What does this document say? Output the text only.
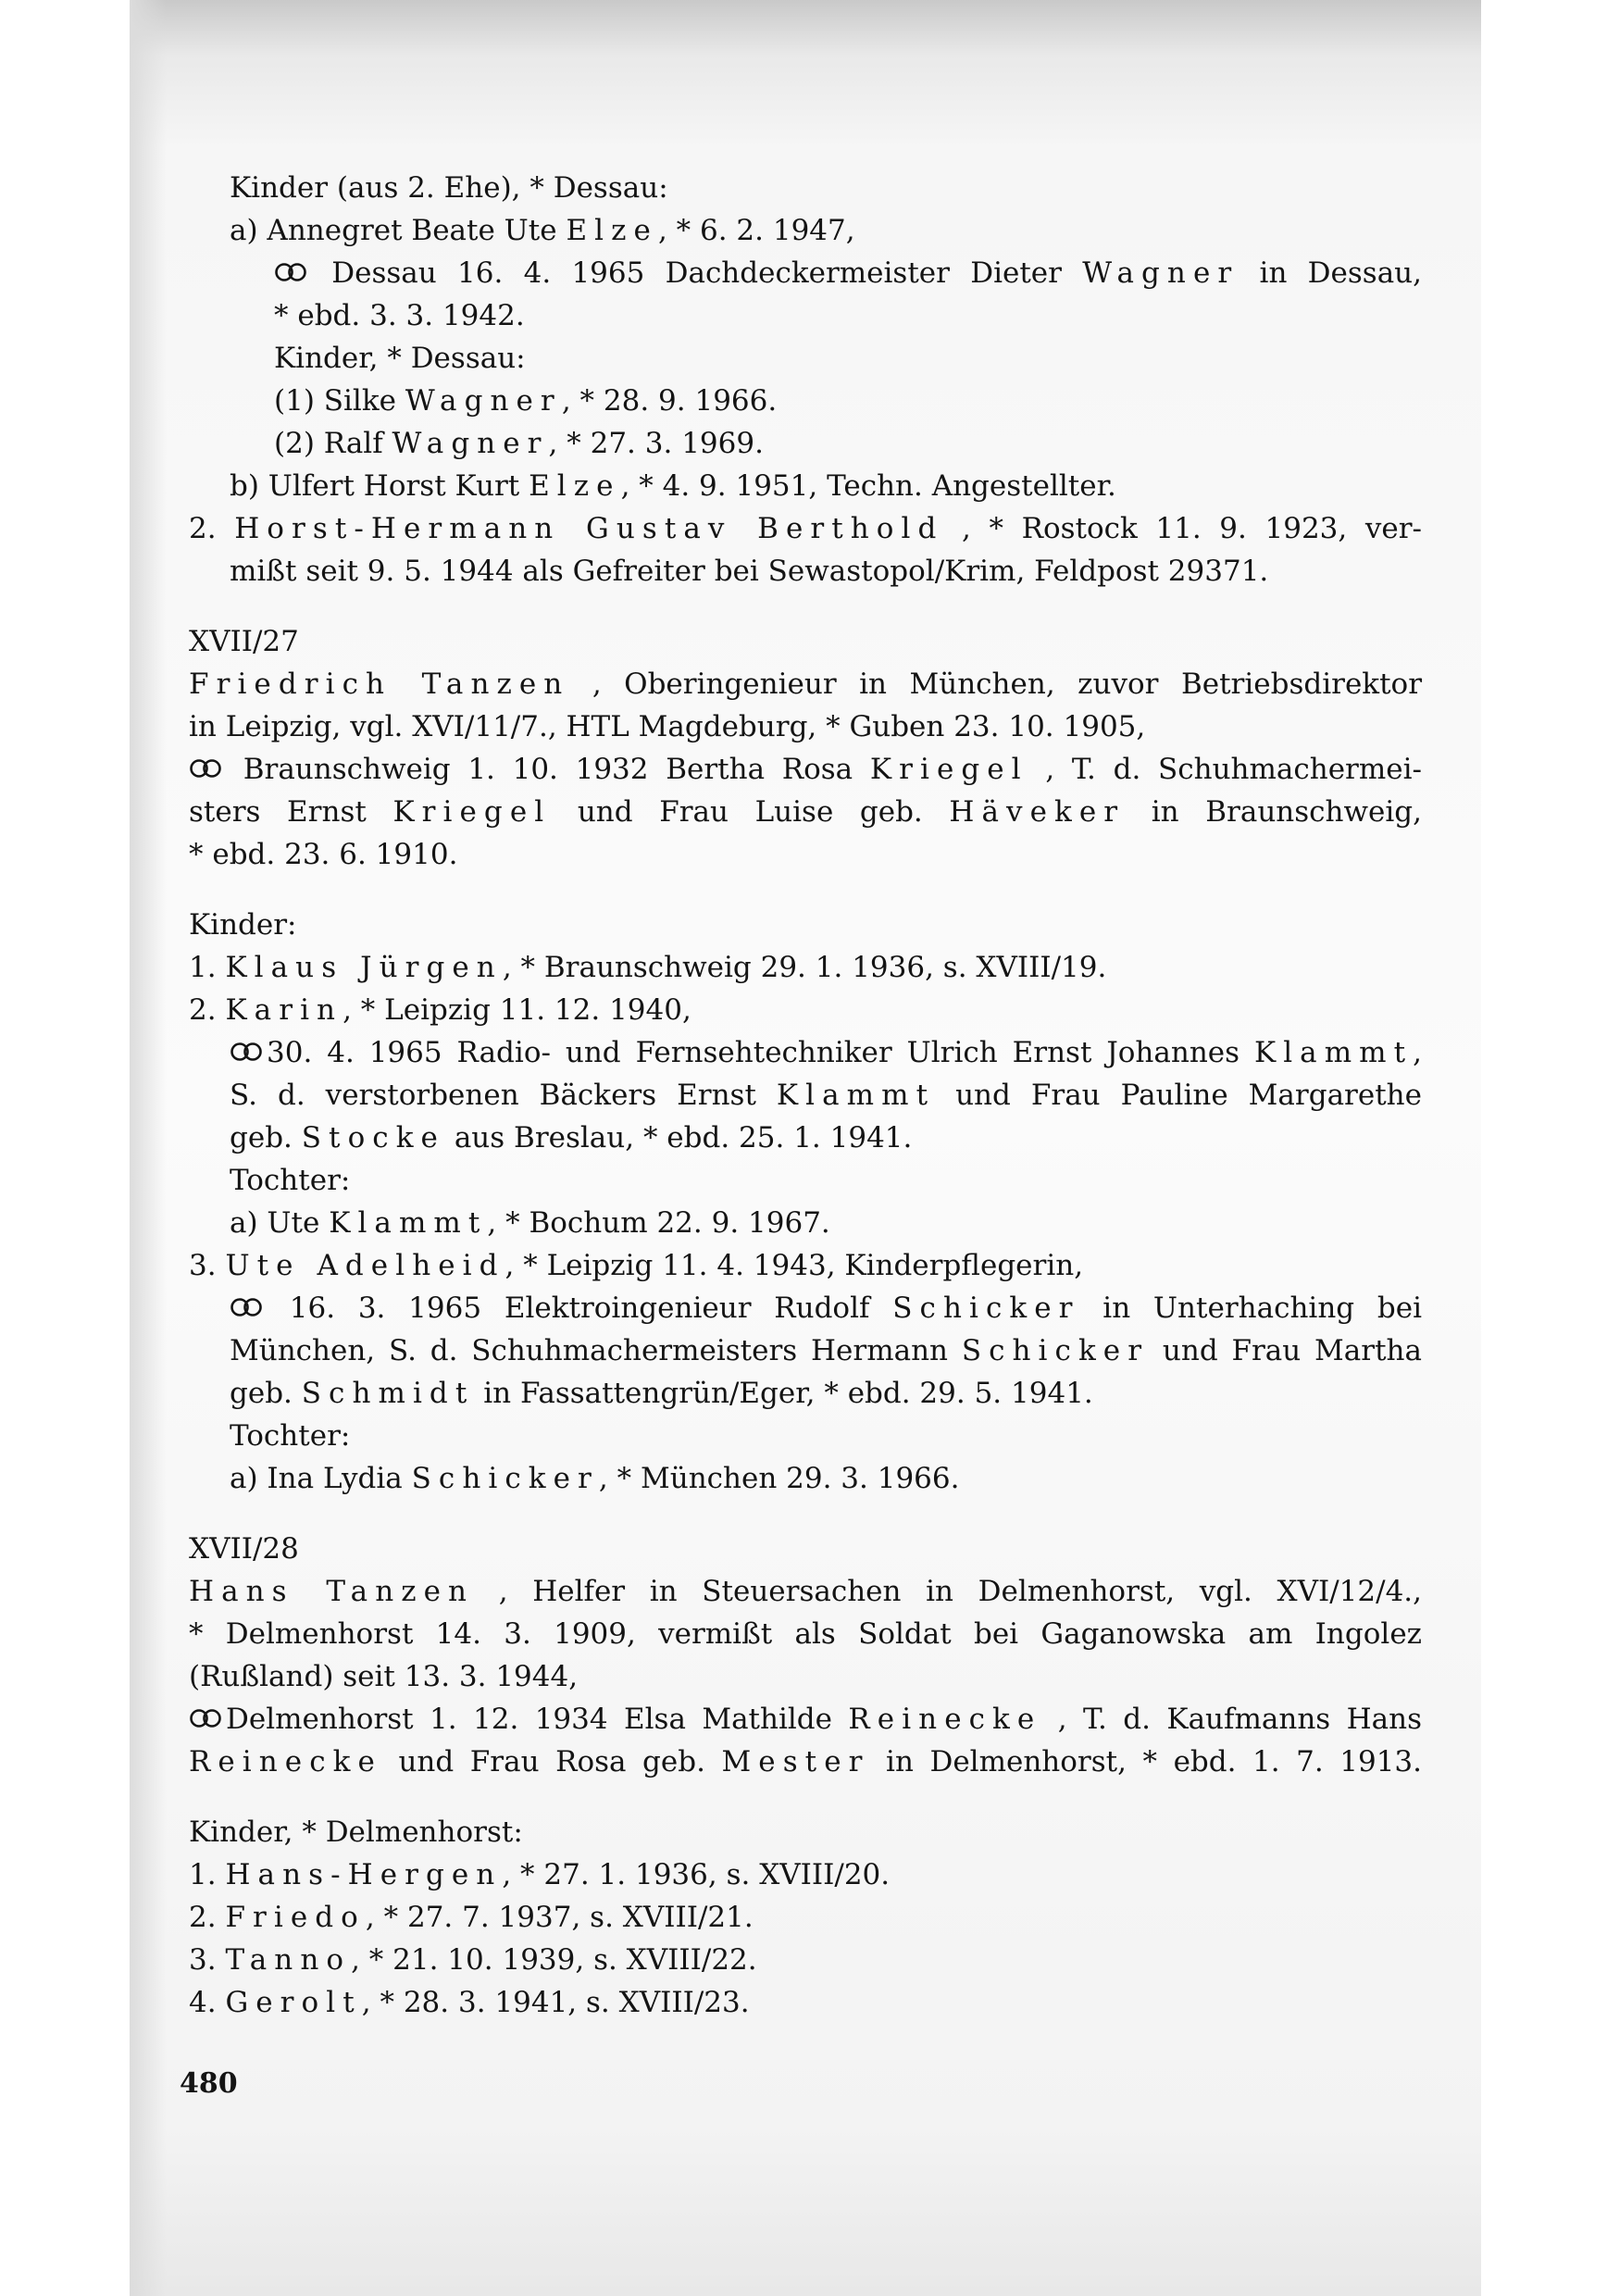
Kinder (aus 2. Ehe), * Dessau:

a) Annegret Beate Ute Elze, * 6. 2. 1947,

Dessau 16. 4. 1965 Dachdeckermeister Dieter Wagner in Dessau,

* ebd. 3. 3. 1942.

Kinder, * Dessau:

(1) Silke Wagner, * 28. 9. 1966.

(2) Ralf Wagner, * 27. 3. 1969.

b) Ulfert Horst Kurt Elze, * 4. 9. 1951, Techn. Angestellter.

2. Horst-Hermann Gustav Berthold , * Rostock 11. 9. 1923, ver-

mißt seit 9. 5. 1944 als Gefreiter bei Sewastopol/Krim, Feldpost 29371.

XVII/27

Friedrich Tanzen , Oberingenieur in München, zuvor Betriebsdirektor

in Leipzig, vgl. XVI/11/7., HTL Magdeburg, * Guben 23. 10. 1905,

Braunschweig 1. 10. 1932 Bertha Rosa Kriegel , T. d. Schuhmachermei-

sters Ernst Kriegel und Frau Luise geb. Häveker in Braunschweig,

* ebd. 23. 6. 1910.

Kinder:

1. Klaus Jürgen, * Braunschweig 29. 1. 1936, s. XVIII/19.

2. Karin, * Leipzig 11. 12. 1940,

30. 4. 1965 Radio- und Fernsehtechniker Ulrich Ernst Johannes Klammt,

S. d. verstorbenen Bäckers Ernst Klammt und Frau Pauline Margarethe

geb. Stocke aus Breslau, * ebd. 25. 1. 1941.

Tochter:

a) Ute Klammt, * Bochum 22. 9. 1967.

3. Ute Adelheid, * Leipzig 11. 4. 1943, Kinderpflegerin,

16. 3. 1965 Elektroingenieur Rudolf Schicker in Unterhaching bei

München, S. d. Schuhmachermeisters Hermann Schicker und Frau Martha

geb. Schmidt in Fassattengrün/Eger, * ebd. 29. 5. 1941.

Tochter:

a) Ina Lydia Schicker, * München 29. 3. 1966.

XVII/28

Hans Tanzen , Helfer in Steuersachen in Delmenhorst, vgl. XVI/12/4.,

* Delmenhorst 14. 3. 1909, vermißt als Soldat bei Gaganowska am Ingolez

(Rußland) seit 13. 3. 1944,

Delmenhorst 1. 12. 1934 Elsa Mathilde Reinecke , T. d. Kaufmanns Hans

Reinecke und Frau Rosa geb. Mester in Delmenhorst, * ebd. 1. 7. 1913.

Kinder, * Delmenhorst:

1. Hans-Hergen, * 27. 1. 1936, s. XVIII/20.

2. Friedo, * 27. 7. 1937, s. XVIII/21.

3. Tanno, * 21. 10. 1939, s. XVIII/22.

4. Gerolt, * 28. 3. 1941, s. XVIII/23.

480
